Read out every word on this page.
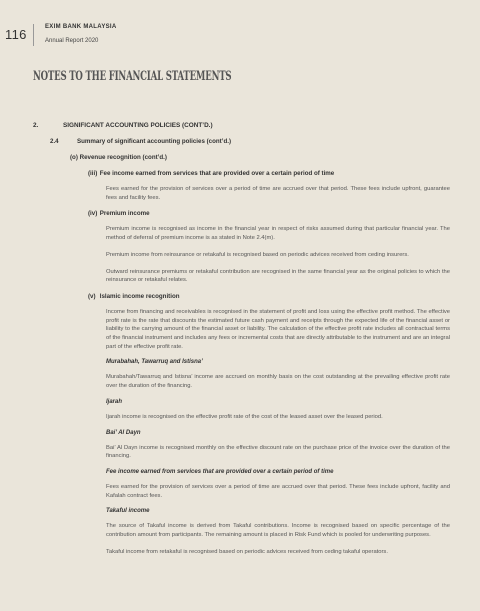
116	EXIM BANK MALAYSIA
Annual Report 2020
NOTES TO THE FINANCIAL STATEMENTS
2.	SIGNIFICANT ACCOUNTING POLICIES (CONT’D.)
2.4	Summary of significant accounting policies (cont’d.)
(o) Revenue recognition (cont’d.)
(iii) Fee income earned from services that are provided over a certain period of time

Fees earned for the provision of services over a period of time are accrued over that period. These fees include upfront, guarantee fees and facility fees.

(iv) Premium income

Premium income is recognised as income in the financial year in respect of risks assumed during that particular financial year. The method of deferral of premium income is as stated in Note 2.4(m).

Premium income from reinsurance or retakaful is recognised based on periodic advices received from ceding insurers.

Outward reinsurance premiums or retakaful contribution are recognised in the same financial year as the original policies to which the reinsurance or retakaful relates.

(v) Islamic income recognition

Income from financing and receivables is recognised in the statement of profit and loss using the effective profit method. The effective profit rate is the rate that discounts the estimated future cash payment and receipts through the expected life of the financial asset or liability to the carrying amount of the financial asset or liability. The calculation of the effective profit rate includes all contractual terms of the financial instrument and includes any fees or incremental costs that are directly attributable to the instrument and are an integral part of the effective profit rate.

Murabahah, Tawarruq and Istisna’

Murabahah/Tawarruq and Istisna’ income are accrued on monthly basis on the cost outstanding at the prevailing effective profit rate over the duration of the financing.

Ijarah

Ijarah income is recognised on the effective profit rate of the cost of the leased asset over the leased period.

Bai’ Al Dayn

Bai’ Al Dayn income is recognised monthly on the effective discount rate on the purchase price of the invoice over the duration of the financing.

Fee income earned from services that are provided over a certain period of time

Fees earned for the provision of services over a period of time are accrued over that period. These fees include upfront, facility and Kafalah contract fees.

Takaful income

The source of Takaful income is derived from Takaful contributions. Income is recognised based on specific percentage of the contribution amount from participants. The remaining amount is placed in Risk Fund which is pooled for underwriting purposes.

Takaful income from retakaful is recognised based on periodic advices received from ceding takaful operators.
